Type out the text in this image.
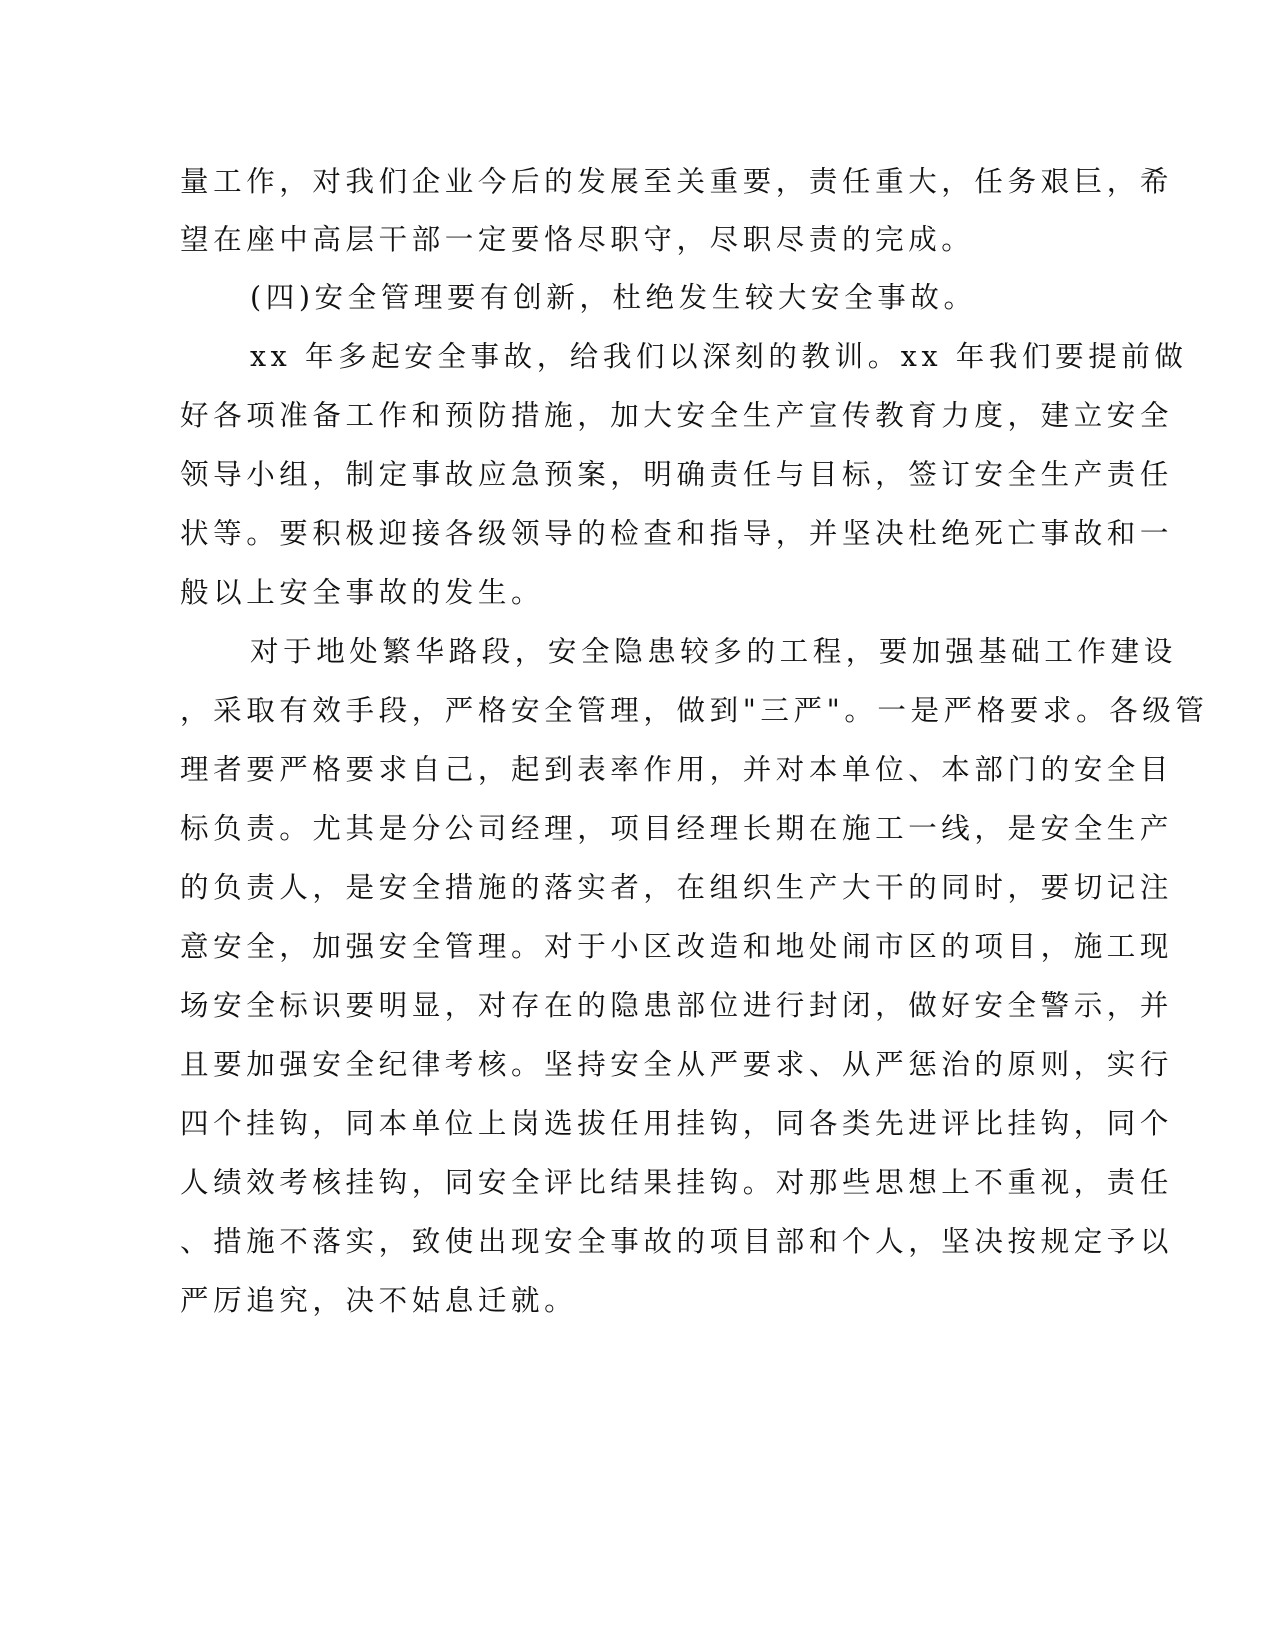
量工作，对我们企业今后的发展至关重要，责任重大，任务艰巨，希
望在座中高层干部一定要恪尽职守，尽职尽责的完成。
(四)安全管理要有创新，杜绝发生较大安全事故。
xx 年多起安全事故，给我们以深刻的教训。xx 年我们要提前做
好各项准备工作和预防措施，加大安全生产宣传教育力度，建立安全
领导小组，制定事故应急预案，明确责任与目标，签订安全生产责任
状等。要积极迎接各级领导的检查和指导，并坚决杜绝死亡事故和一
般以上安全事故的发生。
对于地处繁华路段，安全隐患较多的工程，要加强基础工作建设
，采取有效手段，严格安全管理，做到"三严"。一是严格要求。各级管
理者要严格要求自己，起到表率作用，并对本单位、本部门的安全目
标负责。尤其是分公司经理，项目经理长期在施工一线，是安全生产
的负责人，是安全措施的落实者，在组织生产大干的同时，要切记注
意安全，加强安全管理。对于小区改造和地处闹市区的项目，施工现
场安全标识要明显，对存在的隐患部位进行封闭，做好安全警示，并
且要加强安全纪律考核。坚持安全从严要求、从严惩治的原则，实行
四个挂钩，同本单位上岗选拔任用挂钩，同各类先进评比挂钩，同个
人绩效考核挂钩，同安全评比结果挂钩。对那些思想上不重视，责任
、措施不落实，致使出现安全事故的项目部和个人，坚决按规定予以
严厉追究，决不姑息迁就。
